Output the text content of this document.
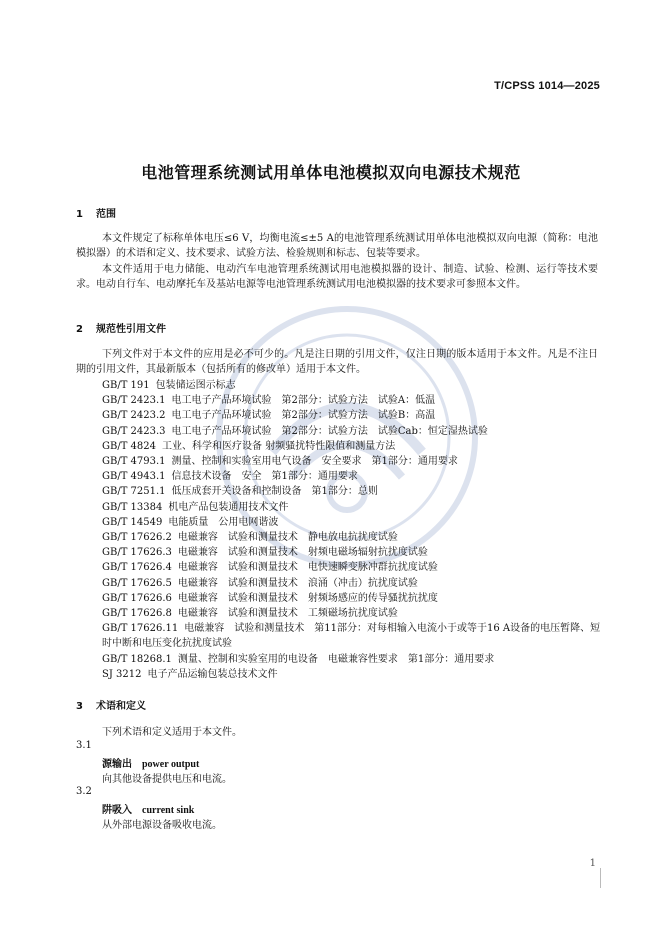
T/CPSS 1014—2025
电池管理系统测试用单体电池模拟双向电源技术规范
1 范围

本文件规定了标称单体电压≤6 V，均衡电流≤±5 A的电池管理系统测试用单体电池模拟双向电源（简称：电池模拟器）的术语和定义、技术要求、试验方法、检验规则和标志、包装等要求。

本文件适用于电力储能、电动汽车电池管理系统测试用电池模拟器的设计、制造、试验、检测、运行等技术要求。电动自行车、电动摩托车及基站电源等电池管理系统测试用电池模拟器的技术要求可参照本文件。

2 规范性引用文件

下列文件对于本文件的应用是必不可少的。凡是注日期的引用文件，仅注日期的版本适用于本文件。凡是不注日期的引用文件，其最新版本（包括所有的修改单）适用于本文件。

GB/T 191 包装储运图示标志
GB/T 2423.1 电工电子产品环境试验　第2部分：试验方法　试验A：低温
GB/T 2423.2 电工电子产品环境试验　第2部分：试验方法　试验B：高温
GB/T 2423.3 电工电子产品环境试验　第2部分：试验方法　试验Cab：恒定湿热试验
GB/T 4824 工业、科学和医疗设备 射频骚扰特性限值和测量方法
GB/T 4793.1 测量、控制和实验室用电气设备　安全要求　第1部分：通用要求
GB/T 4943.1 信息技术设备　安全　第1部分：通用要求
GB/T 7251.1 低压成套开关设备和控制设备　第1部分：总则
GB/T 13384 机电产品包装通用技术文件
GB/T 14549 电能质量　公用电网谐波
GB/T 17626.2 电磁兼容　试验和测量技术　静电放电抗扰度试验
GB/T 17626.3 电磁兼容　试验和测量技术　射频电磁场辐射抗扰度试验
GB/T 17626.4 电磁兼容　试验和测量技术　电快速瞬变脉冲群抗扰度试验
GB/T 17626.5 电磁兼容　试验和测量技术　浪涌（冲击）抗扰度试验
GB/T 17626.6 电磁兼容　试验和测量技术　射频场感应的传导骚扰抗扰度
GB/T 17626.8 电磁兼容　试验和测量技术　工频磁场抗扰度试验
GB/T 17626.11 电磁兼容　试验和测量技术　第11部分：对每相输入电流小于或等于16 A设备的电压暂降、短时中断和电压变化抗扰度试验
GB/T 18268.1 测量、控制和实验室用的电设备　电磁兼容性要求　第1部分：通用要求
SJ 3212 电子产品运输包装总技术文件
3 术语和定义

下列术语和定义适用于本文件。

3.1

源输出 power output

向其他设备提供电压和电流。

3.2

阱吸入 current sink

从外部电源设备吸收电流。

1
